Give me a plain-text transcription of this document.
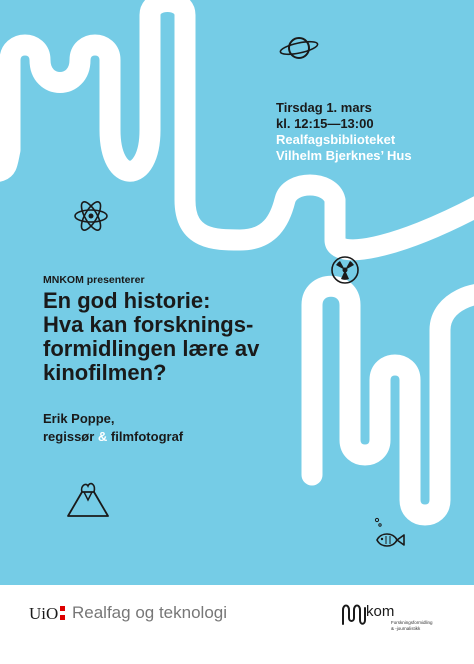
Tirsdag 1. mars
kl. 12:15—13:00
Realfagsbiblioteket
Vilhelm Bjerknes’ Hus
MNKOM presenterer
En god historie:
Hva kan forsknings-
formidlingen lære av
kinofilmen?
Erik Poppe,
regissør & filmfotograf
UiO Realfag og teknologi	kom
Forskningsformidling
& -journalistikk
